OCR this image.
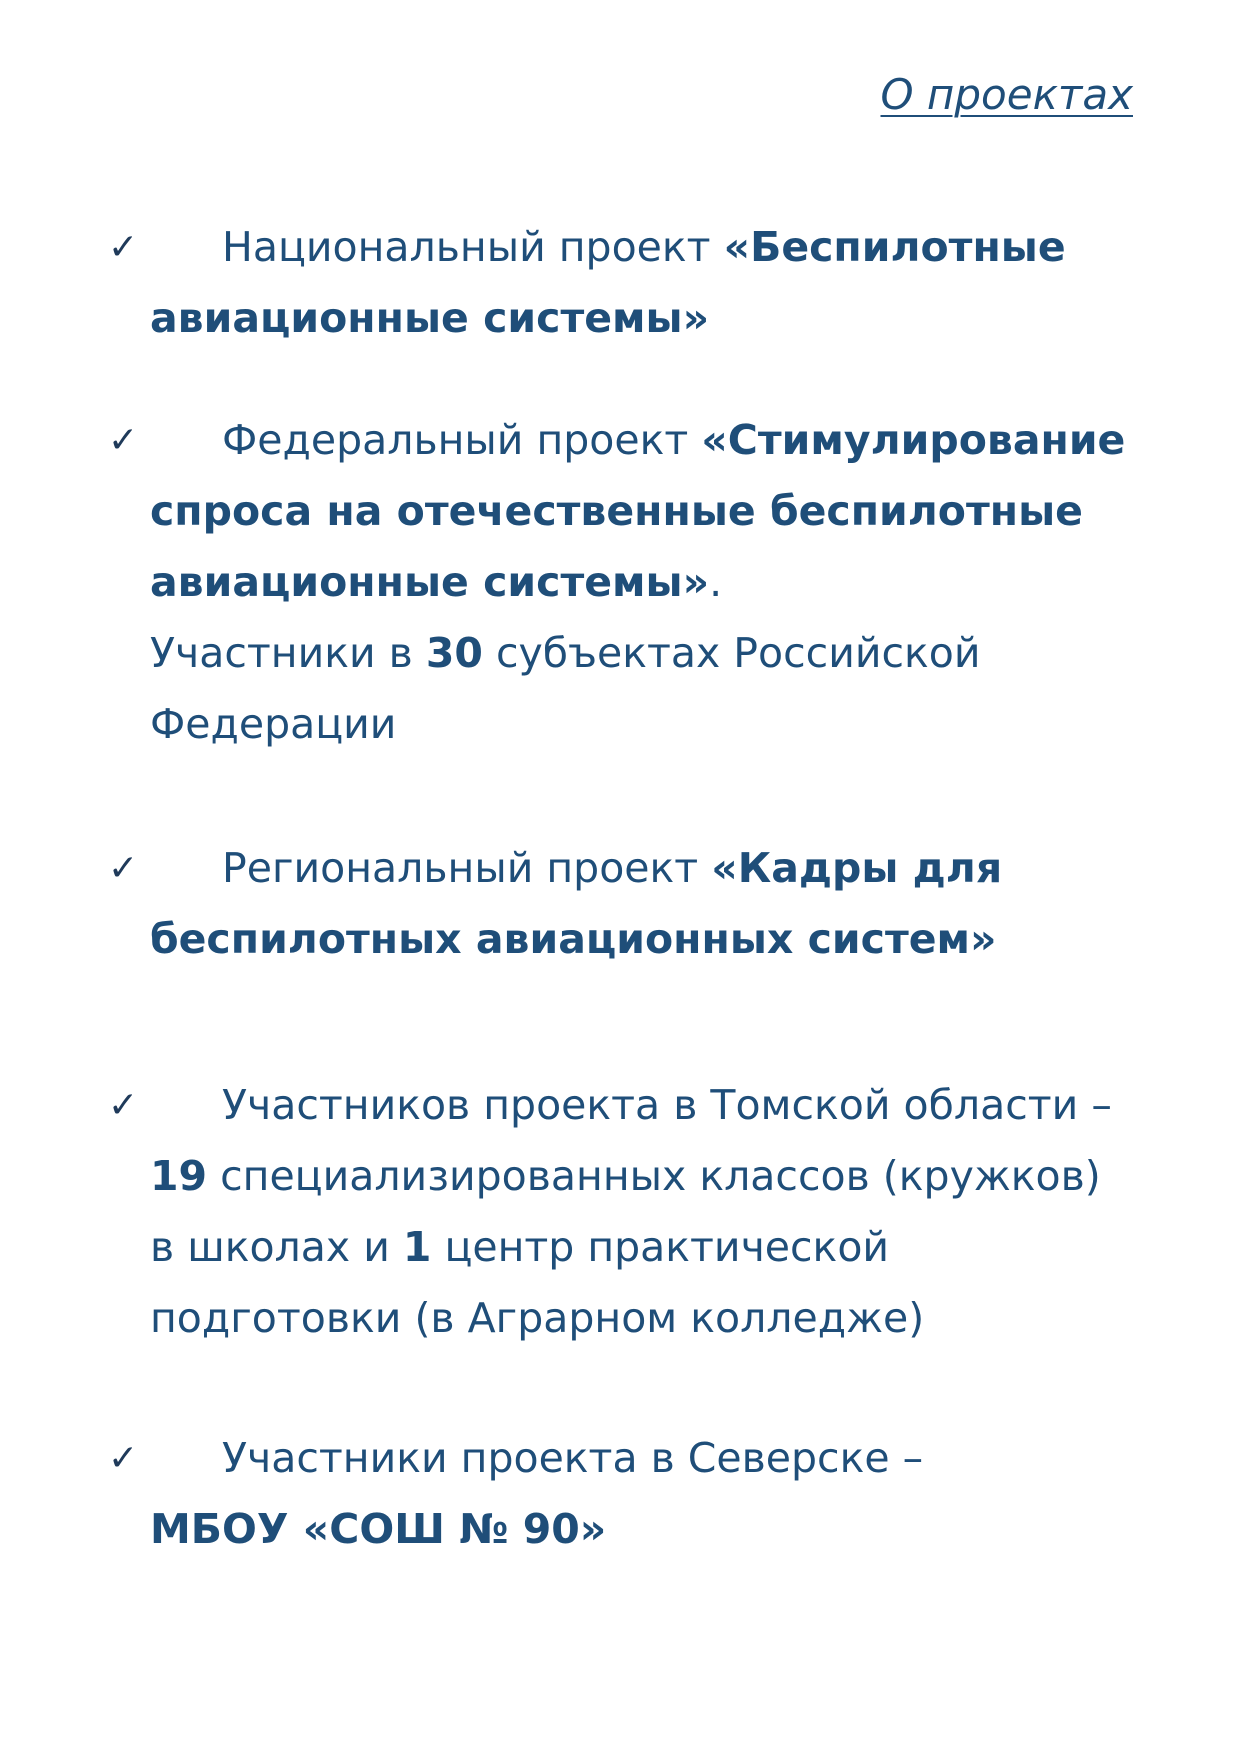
О проектах
✓	Национальный проект «Беспилотные
авиационные системы»
✓	Федеральный проект «Стимулирование
спроса на отечественные беспилотные
авиационные системы».
Участники в 30 субъектах Российской
Федерации
✓	Региональный проект «Кадры для
беспилотных авиационных систем»
✓	Участников проекта в Томской области –
19 специализированных классов (кружков)
в школах и 1 центр практической
подготовки (в Аграрном колледже)
✓	Участники проекта в Северске –
МБОУ «СОШ № 90»
